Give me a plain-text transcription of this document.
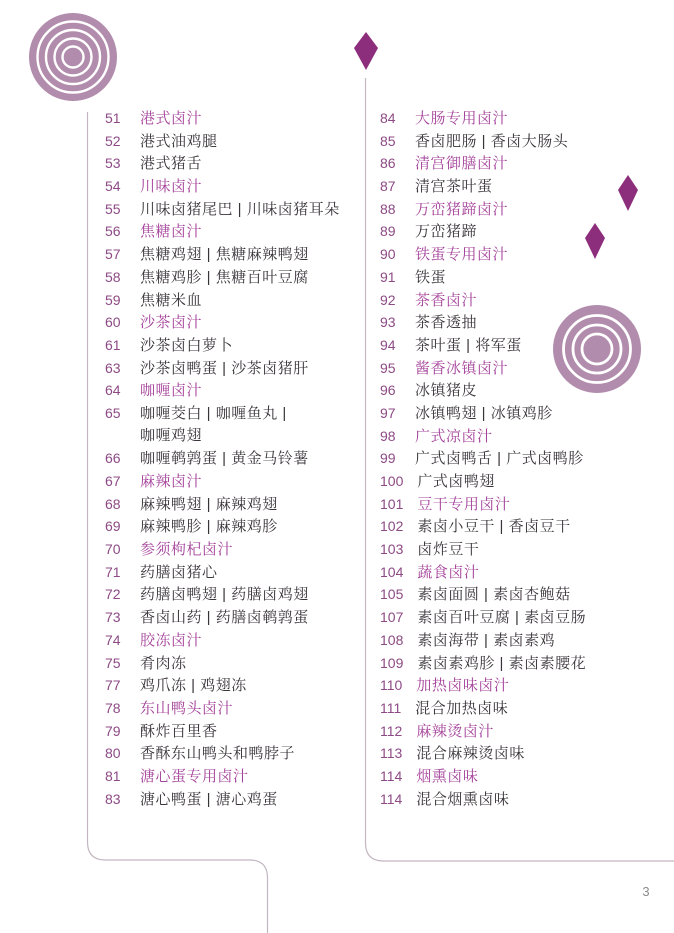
51	港式卤汁
52	港式油鸡腿
53	港式猪舌
54	川味卤汁
55	川味卤猪尾巴 | 川味卤猪耳朵
56	焦糖卤汁
57	焦糖鸡翅 | 焦糖麻辣鸭翅
58	焦糖鸡胗 | 焦糖百叶豆腐
59	焦糖米血
60	沙茶卤汁
61	沙茶卤白萝卜
63	沙茶卤鸭蛋 | 沙茶卤猪肝
64	咖喱卤汁
65	咖喱茭白 | 咖喱鱼丸 |
咖喱鸡翅
66	咖喱鹌鹑蛋 | 黄金马铃薯
67	麻辣卤汁
68	麻辣鸭翅 | 麻辣鸡翅
69	麻辣鸭胗 | 麻辣鸡胗
70	参须枸杞卤汁
71	药膳卤猪心
72	药膳卤鸭翅 | 药膳卤鸡翅
73	香卤山药 | 药膳卤鹌鹑蛋
74	胶冻卤汁
75	肴肉冻
77	鸡爪冻 | 鸡翅冻
78	东山鸭头卤汁
79	酥炸百里香
80	香酥东山鸭头和鸭脖子
81	溏心蛋专用卤汁
83	溏心鸭蛋 | 溏心鸡蛋
84	大肠专用卤汁
85	香卤肥肠 | 香卤大肠头
86	清宫御膳卤汁
87	清宫茶叶蛋
88	万峦猪蹄卤汁
89	万峦猪蹄
90	铁蛋专用卤汁
91	铁蛋
92	茶香卤汁
93	茶香透抽
94	茶叶蛋 | 将军蛋
95	酱香冰镇卤汁
96	冰镇猪皮
97	冰镇鸭翅 | 冰镇鸡胗
98	广式凉卤汁
99	广式卤鸭舌 | 广式卤鸭胗
100 广式卤鸭翅
101 豆干专用卤汁
102 素卤小豆干 | 香卤豆干
103 卤炸豆干
104 蔬食卤汁
105 素卤面圆 | 素卤杏鲍菇
107 素卤百叶豆腐 | 素卤豆肠
108 素卤海带 | 素卤素鸡
109 素卤素鸡胗 | 素卤素腰花
110 加热卤味卤汁
111 混合加热卤味
112 麻辣烫卤汁
113 混合麻辣烫卤味
114 烟熏卤味
114 混合烟熏卤味
3
